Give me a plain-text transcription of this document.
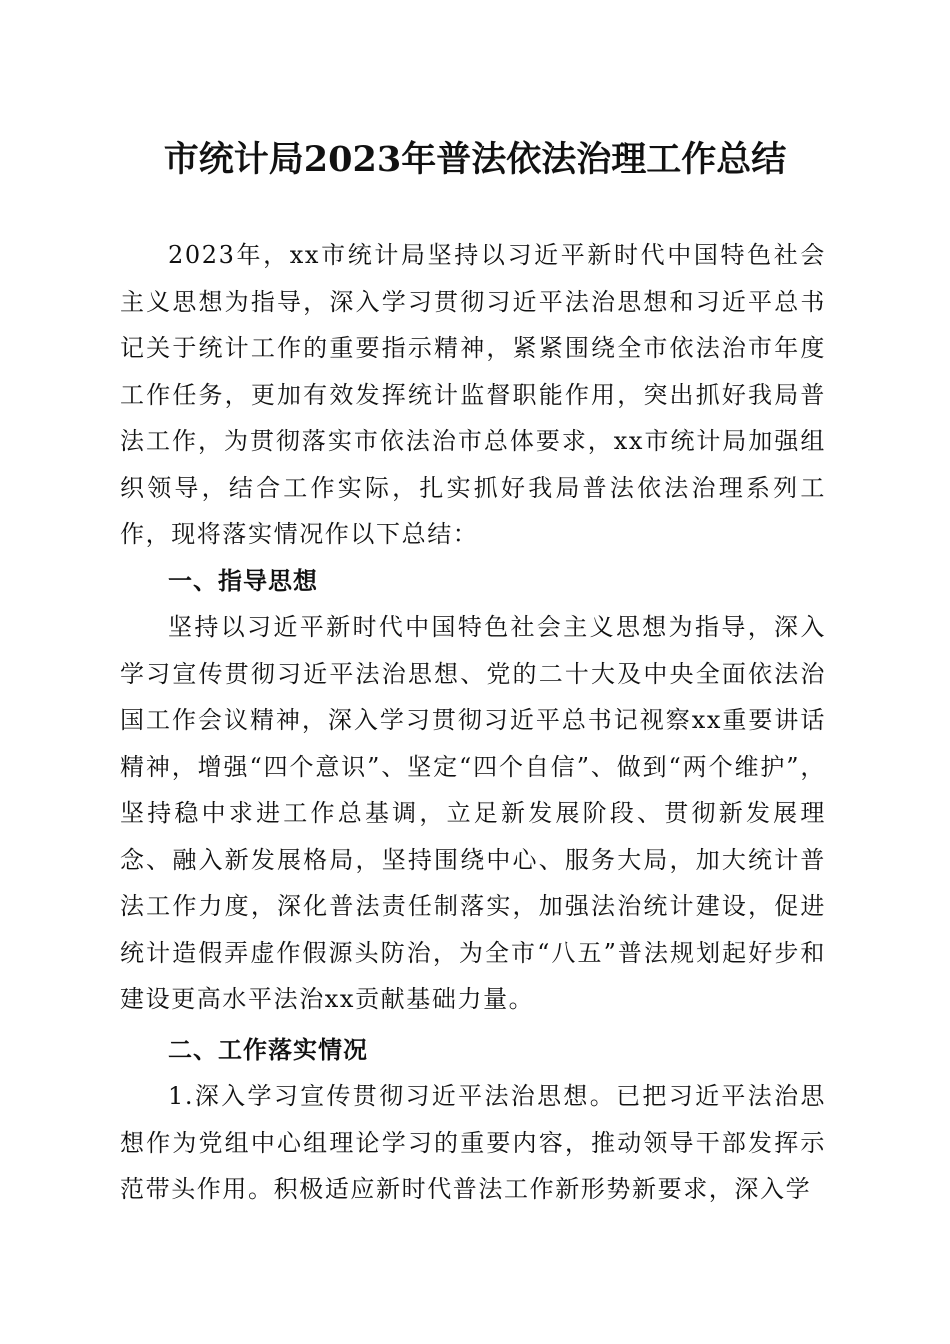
市统计局2023年普法依法治理工作总结

2023年，xx市统计局坚持以习近平新时代中国特色社会主义思想为指导，深入学习贯彻习近平法治思想和习近平总书记关于统计工作的重要指示精神，紧紧围绕全市依法治市年度工作任务，更加有效发挥统计监督职能作用，突出抓好我局普法工作，为贯彻落实市依法治市总体要求，xx市统计局加强组织领导，结合工作实际，扎实抓好我局普法依法治理系列工作，现将落实情况作以下总结：

一、指导思想

坚持以习近平新时代中国特色社会主义思想为指导，深入学习宣传贯彻习近平法治思想、党的二十大及中央全面依法治国工作会议精神，深入学习贯彻习近平总书记视察xx重要讲话精神，增强“四个意识”、坚定“四个自信”、做到“两个维护”，坚持稳中求进工作总基调，立足新发展阶段、贯彻新发展理念、融入新发展格局，坚持围绕中心、服务大局，加大统计普法工作力度，深化普法责任制落实，加强法治统计建设，促进统计造假弄虚作假源头防治，为全市“八五”普法规划起好步和建设更高水平法治xx贡献基础力量。

二、工作落实情况

1.深入学习宣传贯彻习近平法治思想。已把习近平法治思想作为党组中心组理论学习的重要内容，推动领导干部发挥示范带头作用。积极适应新时代普法工作新形势新要求，深入学
